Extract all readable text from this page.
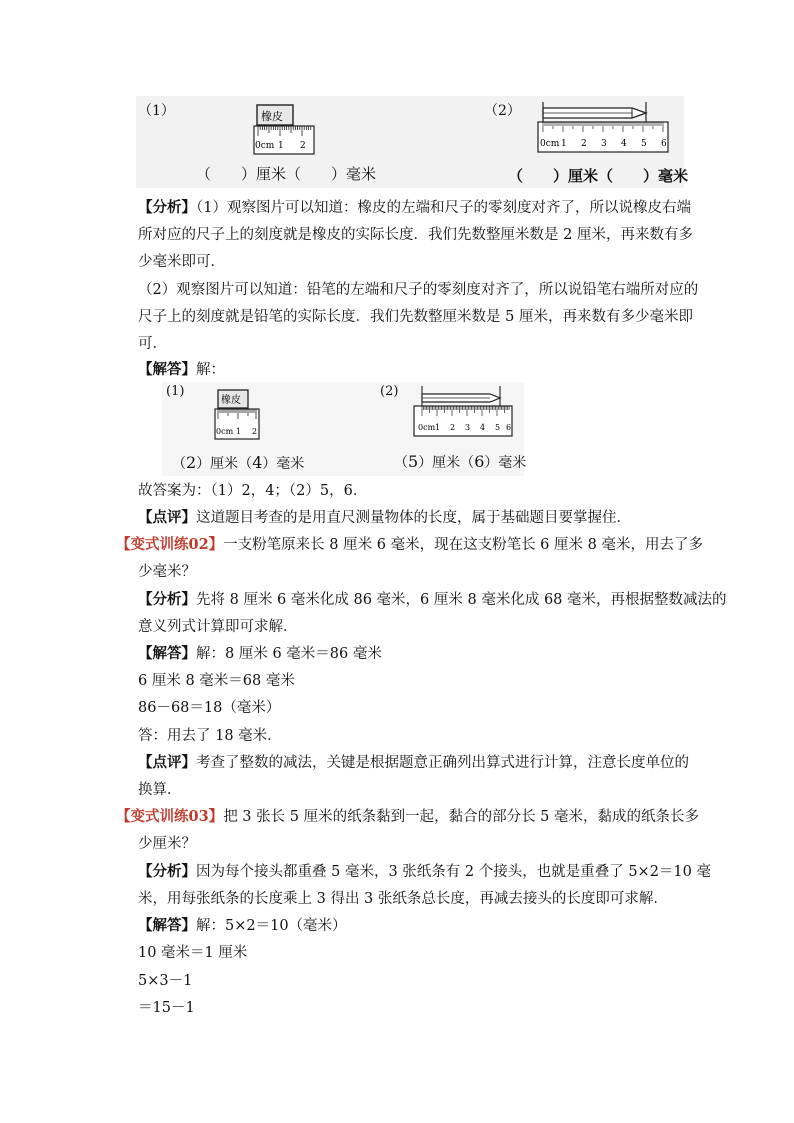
（1）	橡皮
0cm 1 2
（　　）厘米（　　）毫米
（2）
0cm 1 2 3 4 5 6
（　　）厘米（　　）毫米
【分析】（1）观察图片可以知道：橡皮的左端和尺子的零刻度对齐了，所以说橡皮右端
所对应的尺子上的刻度就是橡皮的实际长度．我们先数整厘米数是 2 厘米，再来数有多
少毫米即可．
（2）观察图片可以知道：铅笔的左端和尺子的零刻度对齐了，所以说铅笔右端所对应的
尺子上的刻度就是铅笔的实际长度．我们先数整厘米数是 5 厘米，再来数有多少毫米即
可．
【解答】解：
(1)
橡皮
0cm 1 2
（2）厘米（4）毫米
(2)
0cm 1 2 3 4 5 6
（5）厘米（6）毫米
故答案为：（1）2，4；（2）5，6．
【点评】这道题目考查的是用直尺测量物体的长度，属于基础题目要掌握住．
【变式训练02】一支粉笔原来长 8 厘米 6 毫米，现在这支粉笔长 6 厘米 8 毫米，用去了多
少毫米？
【分析】先将 8 厘米 6 毫米化成 86 毫米，6 厘米 8 毫米化成 68 毫米，再根据整数减法的
意义列式计算即可求解．
【解答】解：8 厘米 6 毫米＝86 毫米
6 厘米 8 毫米＝68 毫米
86－68＝18（毫米）
答：用去了 18 毫米．
【点评】考查了整数的减法，关键是根据题意正确列出算式进行计算，注意长度单位的
换算．
【变式训练03】把 3 张长 5 厘米的纸条黏到一起，黏合的部分长 5 毫米，黏成的纸条长多
少厘米？
【分析】因为每个接头都重叠 5 毫米，3 张纸条有 2 个接头，也就是重叠了 5×2＝10 毫
米，用每张纸条的长度乘上 3 得出 3 张纸条总长度，再减去接头的长度即可求解．
【解答】解：5×2＝10（毫米）
10 毫米＝1 厘米
5×3－1
＝15－1
